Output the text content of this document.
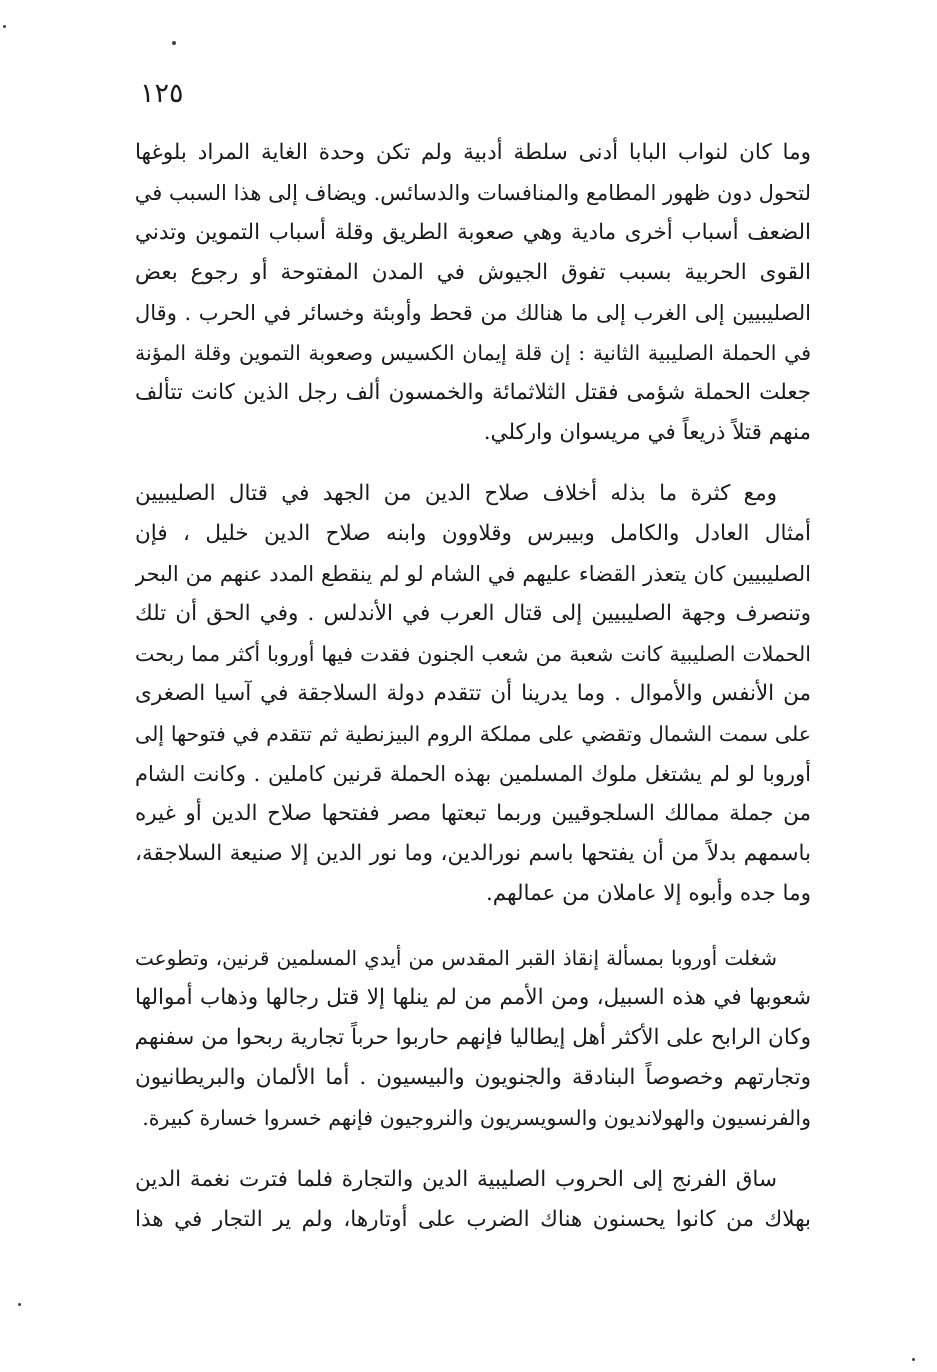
١٢٥
وما كان لنواب البابا أدنى سلطة أدبية ولم تكن وحدة الغاية المراد بلوغها
لتحول دون ظهور المطامع والمنافسات والدسائس. ويضاف إلى هذا السبب في
الضعف أسباب أخرى مادية وهي صعوبة الطريق وقلة أسباب التموين وتدني
القوى الحربية بسبب تفوق الجيوش في المدن المفتوحة أو رجوع بعض
الصليبيين إلى الغرب إلى ما هنالك من قحط وأوبئة وخسائر في الحرب . وقال
في الحملة الصليبية الثانية : إن قلة إيمان الكسيس وصعوبة التموين وقلة المؤنة
جعلت الحملة شؤمى فقتل الثلاثمائة والخمسون ألف رجل الذين كانت تتألف
منهم قتلاً ذريعاً في مريسوان واركلي.
ومع كثرة ما بذله أخلاف صلاح الدين من الجهد في قتال الصليبيين
أمثال العادل والكامل وبيبرس وقلاوون وابنه صلاح الدين خليل ، فإن
الصليبيين كان يتعذر القضاء عليهم في الشام لو لم ينقطع المدد عنهم من البحر
وتنصرف وجهة الصليبيين إلى قتال العرب في الأندلس . وفي الحق أن تلك
الحملات الصليبية كانت شعبة من شعب الجنون فقدت فيها أوروبا أكثر مما ربحت
من الأنفس والأموال . وما يدرينا أن تتقدم دولة السلاجقة في آسيا الصغرى
على سمت الشمال وتقضي على مملكة الروم البيزنطية ثم تتقدم في فتوحها إلى
أوروبا لو لم يشتغل ملوك المسلمين بهذه الحملة قرنين كاملين . وكانت الشام
من جملة ممالك السلجوقيين وربما تبعتها مصر ففتحها صلاح الدين أو غيره
باسمهم بدلاً من أن يفتحها باسم نورالدين، وما نور الدين إلا صنيعة السلاجقة،
وما جده وأبوه إلا عاملان من عمالهم.
شغلت أوروبا بمسألة إنقاذ القبر المقدس من أيدي المسلمين قرنين، وتطوعت
شعوبها في هذه السبيل، ومن الأمم من لم ينلها إلا قتل رجالها وذهاب أموالها
وكان الرابح على الأكثر أهل إيطاليا فإنهم حاربوا حرباً تجارية ربحوا من سفنهم
وتجارتهم وخصوصاً البنادقة والجنويون والبيسيون . أما الألمان والبريطانيون
والفرنسيون والهولانديون والسويسريون والنروجيون فإنهم خسروا خسارة كبيرة.
ساق الفرنج إلى الحروب الصليبية الدين والتجارة فلما فترت نغمة الدين
بهلاك من كانوا يحسنون هناك الضرب على أوتارها، ولم ير التجار في هذا
